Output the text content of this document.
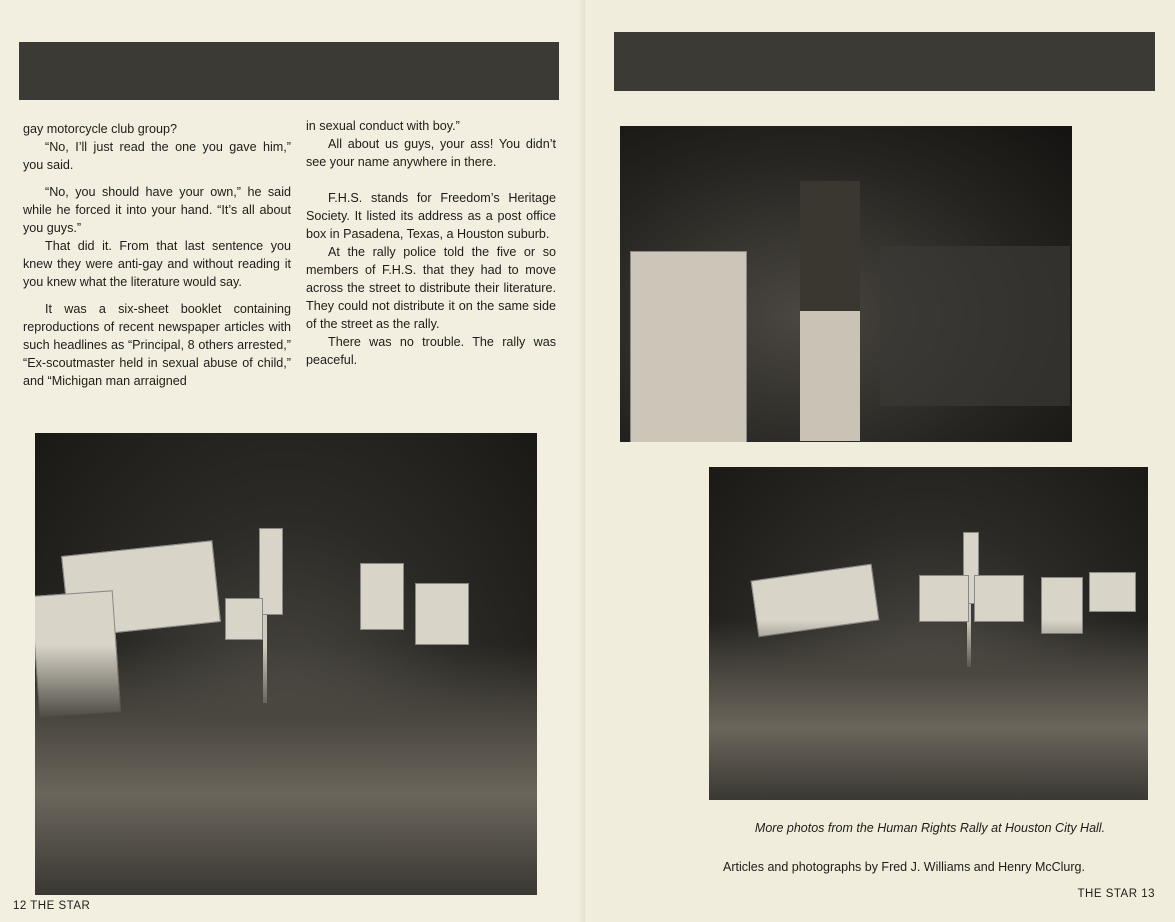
gay motorcycle club group?

“No, I’ll just read the one you gave him,” you said.

“No, you should have your own,” he said while he forced it into your hand. “It’s all about you guys.”

That did it. From that last sentence you knew they were anti-gay and without reading it you knew what the literature would say.

It was a six-sheet booklet containing reproductions of recent newspaper articles with such headlines as “Principal, 8 others arrested,” “Ex-scoutmaster held in sexual abuse of child,” and “Michigan man arraigned

in sexual conduct with boy.”

All about us guys, your ass! You didn’t see your name anywhere in there.

F.H.S. stands for Freedom’s Heritage Society. It listed its address as a post office box in Pasadena, Texas, a Houston suburb.

At the rally police told the five or so members of F.H.S. that they had to move across the street to distribute their literature. They could not distribute it on the same side of the street as the rally.

There was no trouble. The rally was peaceful.

12 THE STAR
More photos from the Human Rights Rally at Houston City Hall.
Articles and photographs by Fred J. Williams and Henry McClurg.
THE STAR 13
